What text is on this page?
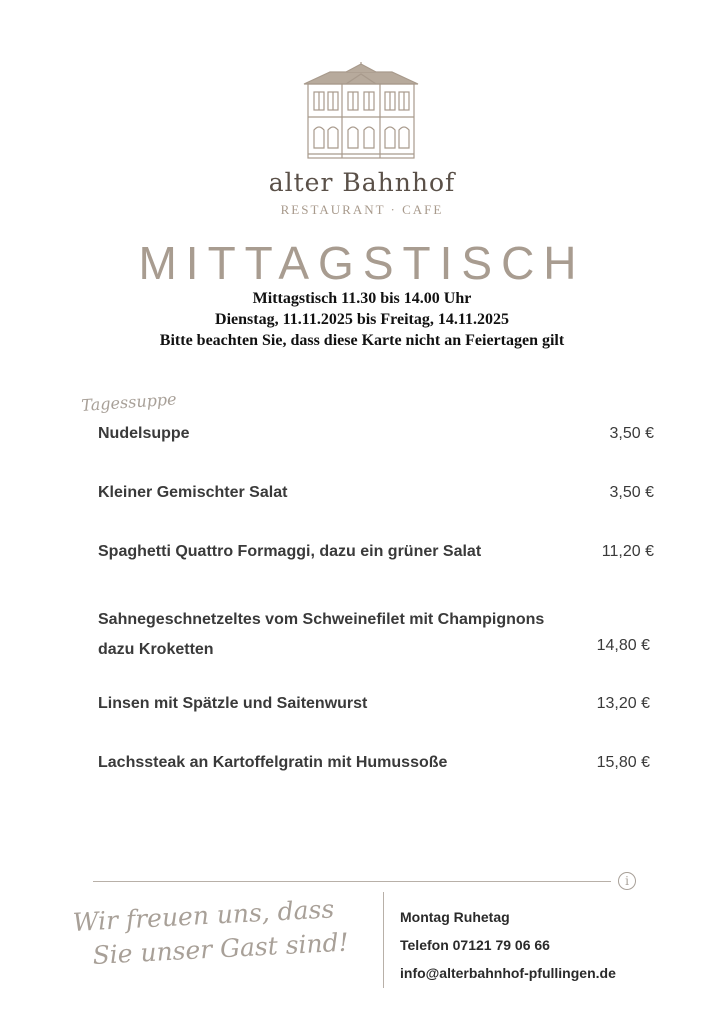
alter Bahnhof
RESTAURANT · CAFE
MITTAGSTISCH
Mittagstisch 11.30 bis 14.00 Uhr
Dienstag, 11.11.2025 bis Freitag, 14.11.2025
Bitte beachten Sie, dass diese Karte nicht an Feiertagen gilt
Tagessuppe
Nudelsuppe	3,50 €
Kleiner Gemischter Salat	3,50 €
Spaghetti Quattro Formaggi, dazu ein grüner Salat	11,20 €
Sahnegeschnetzeltes vom Schweinefilet mit Champignons
dazu Kroketten	14,80 €
Linsen mit Spätzle und Saitenwurst	13,20 €
Lachssteak an Kartoffelgratin mit Humussoße	15,80 €
i
Wir freuen uns, dass
Sie unser Gast sind!
Montag Ruhetag
Telefon 07121 79 06 66
info@alterbahnhof-pfullingen.de
